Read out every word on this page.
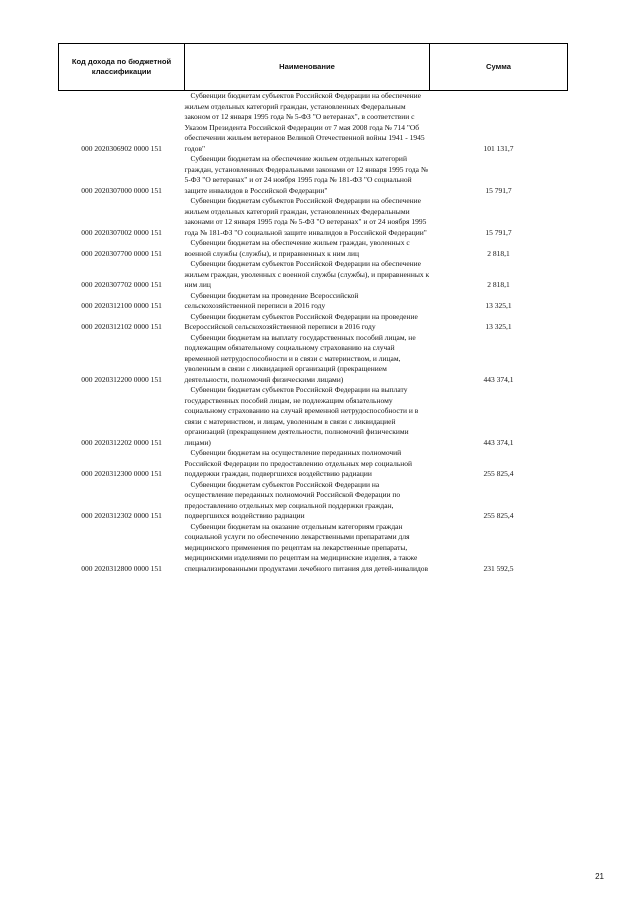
Код дохода по бюджетной классификации	Наименование	Сумма
000 2020306902 0000 151	Субвенции бюджетам субъектов Российской Федерации на обеспечение жильем отдельных категорий граждан, установленных Федеральным законом от 12 января 1995 года № 5-ФЗ "О ветеранах", в соответствии с Указом Президента Российской Федерации от 7 мая 2008 года № 714 "Об обеспечении жильем ветеранов Великой Отечественной войны 1941 - 1945 годов"	101 131,7
000 2020307000 0000 151	Субвенции бюджетам на обеспечение жильем отдельных категорий граждан, установленных Федеральными законами от 12 января 1995 года № 5-ФЗ "О ветеранах" и от 24 ноября 1995 года № 181-ФЗ "О социальной защите инвалидов в Российской Федерации"	15 791,7
000 2020307002 0000 151	Субвенции бюджетам субъектов Российской Федерации на обеспечение жильем отдельных категорий граждан, установленных Федеральными законами от 12 января 1995 года № 5-ФЗ "О ветеранах" и от 24 ноября 1995 года № 181-ФЗ "О социальной защите инвалидов в Российской Федерации"	15 791,7
000 2020307700 0000 151	Субвенции бюджетам на обеспечение жильем граждан, уволенных с военной службы (службы), и приравненных к ним лиц	2 818,1
000 2020307702 0000 151	Субвенции бюджетам субъектов Российской Федерации на обеспечение жильем граждан, уволенных с военной службы (службы), и приравненных к ним лиц	2 818,1
000 2020312100 0000 151	Субвенции бюджетам на проведение Всероссийской сельскохозяйственной переписи в 2016 году	13 325,1
000 2020312102 0000 151	Субвенции бюджетам субъектов Российской Федерации на проведение Всероссийской сельскохозяйственной переписи в 2016 году	13 325,1
000 2020312200 0000 151	Субвенции бюджетам на выплату государственных пособий лицам, не подлежащим обязательному социальному страхованию на случай временной нетрудоспособности и в связи с материнством, и лицам, уволенным в связи с ликвидацией организаций (прекращением деятельности, полномочий физическими лицами)	443 374,1
000 2020312202 0000 151	Субвенции бюджетам субъектов Российской Федерации на выплату государственных пособий лицам, не подлежащим обязательному социальному страхованию на случай временной нетрудоспособности и в связи с материнством, и лицам, уволенным в связи с ликвидацией организаций (прекращением деятельности, полномочий физическими лицами)	443 374,1
000 2020312300 0000 151	Субвенции бюджетам на осуществление переданных полномочий Российской Федерации по предоставлению отдельных мер социальной поддержки граждан, подвергшихся воздействию радиации	255 825,4
000 2020312302 0000 151	Субвенции бюджетам субъектов Российской Федерации на осуществление переданных полномочий Российской Федерации по предоставлению отдельных мер социальной поддержки граждан, подвергшихся воздействию радиации	255 825,4
000 2020312800 0000 151	Субвенции бюджетам на оказание отдельным категориям граждан социальной услуги по обеспечению лекарственными препаратами для медицинского применения по рецептам на лекарственные препараты, медицинскими изделиями по рецептам на медицинские изделия, а также специализированными продуктами лечебного питания для детей-инвалидов	231 592,5
21
